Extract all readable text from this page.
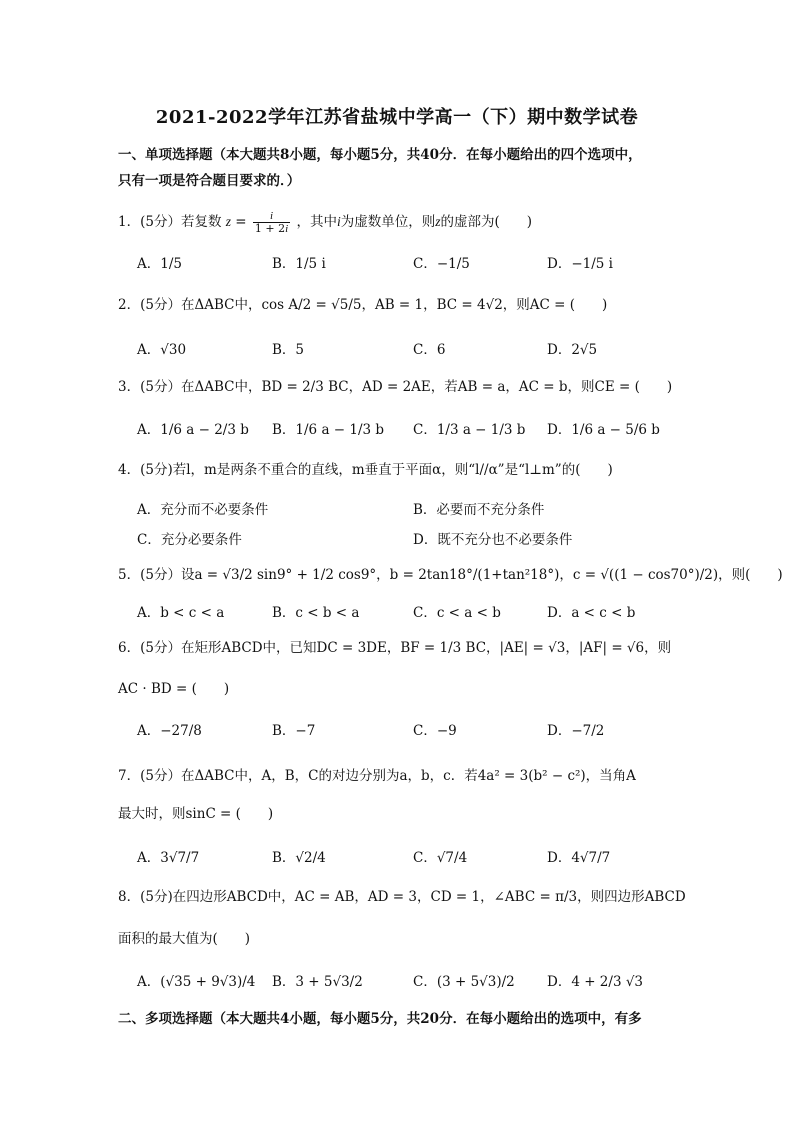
2021-2022学年江苏省盐城中学高一（下）期中数学试卷
一、单项选择题（本大题共8小题，每小题5分，共40分．在每小题给出的四个选项中，
只有一项是符合题目要求的．）
1．(5分）若复数 $z = \frac{i}{1 + 2i}$ ，其中i为虚数单位，则z的虚部为(　　)
A．1/5	B．1/5 i	C．−1/5	D．−1/5 i
2．(5分）在ΔABC中，cos A/2 = √5/5，AB = 1，BC = 4√2，则AC = (　　)
A．√30	B．5	C．6	D．2√5
3．(5分）在ΔABC中，BD = 2/3 BC，AD = 2AE，若AB = a，AC = b，则CE = (　　)
A．1/6 a − 2/3 b B．1/6 a − 1/3 b C．1/3 a − 1/3 b D．1/6 a − 5/6 b
4．(5分)若l，m是两条不重合的直线，m垂直于平面α，则“l//α”是“l⊥m”的(　　)
A．充分而不必要条件	B．必要而不充分条件
C．充分必要条件	D．既不充分也不必要条件
5．(5分）设a = √3/2 sin9° + 1/2 cos9°，b = 2tan18°/(1+tan²18°)，c = √((1 − cos70°)/2)，则(　　)
A．b < c < a	B．c < b < a	C．c < a < b	D．a < c < b
6．(5分）在矩形ABCD中，已知DC = 3DE，BF = 1/3 BC，|AE| = √3，|AF| = √6，则
AC · BD = (　　)
A．−27/8	B．−7	C．−9	D．−7/2
7．(5分）在ΔABC中，A，B，C的对边分别为a，b，c．若4a² = 3(b² − c²)，当角A
最大时，则sinC = (　　)
A．3√7/7	B．√2/4	C．√7/4	D．4√7/7
8．(5分)在四边形ABCD中，AC = AB，AD = 3，CD = 1，∠ABC = π/3，则四边形ABCD
面积的最大值为(　　)
A．(√35 + 9√3)/4 B．3 + 5√3/2	C．(3 + 5√3)/2 D．4 + 2/3 √3
二、多项选择题（本大题共4小题，每小题5分，共20分．在每小题给出的选项中，有多
